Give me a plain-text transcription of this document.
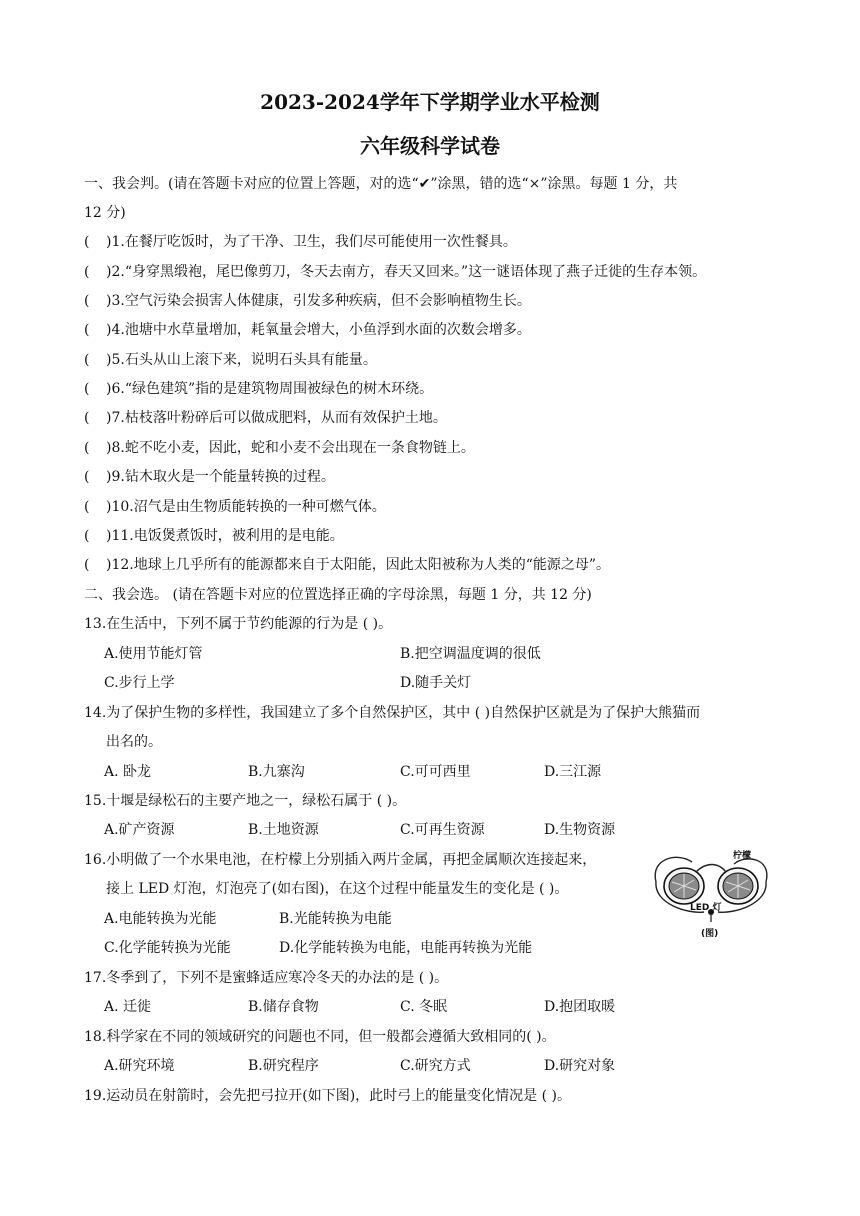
2023-2024学年下学期学业水平检测
六年级科学试卷
一、我会判。(请在答题卡对应的位置上答题，对的选“✔”涂黑，错的选“×”涂黑。每题 1 分，共
12 分)
( )1.在餐厅吃饭时，为了干净、卫生，我们尽可能使用一次性餐具。
( )2.“身穿黑缎袍，尾巴像剪刀，冬天去南方，春天又回来。”这一谜语体现了燕子迁徙的生存本领。
( )3.空气污染会损害人体健康，引发多种疾病，但不会影响植物生长。
( )4.池塘中水草量增加，耗氧量会增大，小鱼浮到水面的次数会增多。
( )5.石头从山上滚下来，说明石头具有能量。
( )6.“绿色建筑”指的是建筑物周围被绿色的树木环绕。
( )7.枯枝落叶粉碎后可以做成肥料，从而有效保护土地。
( )8.蛇不吃小麦，因此，蛇和小麦不会出现在一条食物链上。
( )9.钻木取火是一个能量转换的过程。
( )10.沼气是由生物质能转换的一种可燃气体。
( )11.电饭煲煮饭时，被利用的是电能。
( )12.地球上几乎所有的能源都来自于太阳能，因此太阳被称为人类的“能源之母”。
二、我会选。 (请在答题卡对应的位置选择正确的字母涂黑，每题 1 分，共 12 分)
13.在生活中，下列不属于节约能源的行为是 ( )。
A.使用节能灯管	B.把空调温度调的很低
C.步行上学	D.随手关灯
14.为了保护生物的多样性，我国建立了多个自然保护区，其中 ( )自然保护区就是为了保护大熊猫而
出名的。
A. 卧龙	B.九寨沟	C.可可西里	D.三江源
15.十堰是绿松石的主要产地之一，绿松石属于 ( )。
A.矿产资源	B.土地资源	C.可再生资源	D.生物资源
16.小明做了一个水果电池，在柠檬上分别插入两片金属，再把金属顺次连接起来，
接上 LED 灯泡，灯泡亮了(如右图)，在这个过程中能量发生的变化是 ( )。
A.电能转换为光能	B.光能转换为电能
C.化学能转换为光能	D.化学能转换为电能，电能再转换为光能
柠檬
LED 灯
(图)
17.冬季到了，下列不是蜜蜂适应寒冷冬天的办法的是 ( )。
A. 迁徙	B.储存食物	C. 冬眠	D.抱团取暖
18.科学家在不同的领域研究的问题也不同，但一般都会遵循大致相同的( )。
A.研究环境	B.研究程序	C.研究方式	D.研究对象
19.运动员在射箭时，会先把弓拉开(如下图)，此时弓上的能量变化情况是 ( )。
